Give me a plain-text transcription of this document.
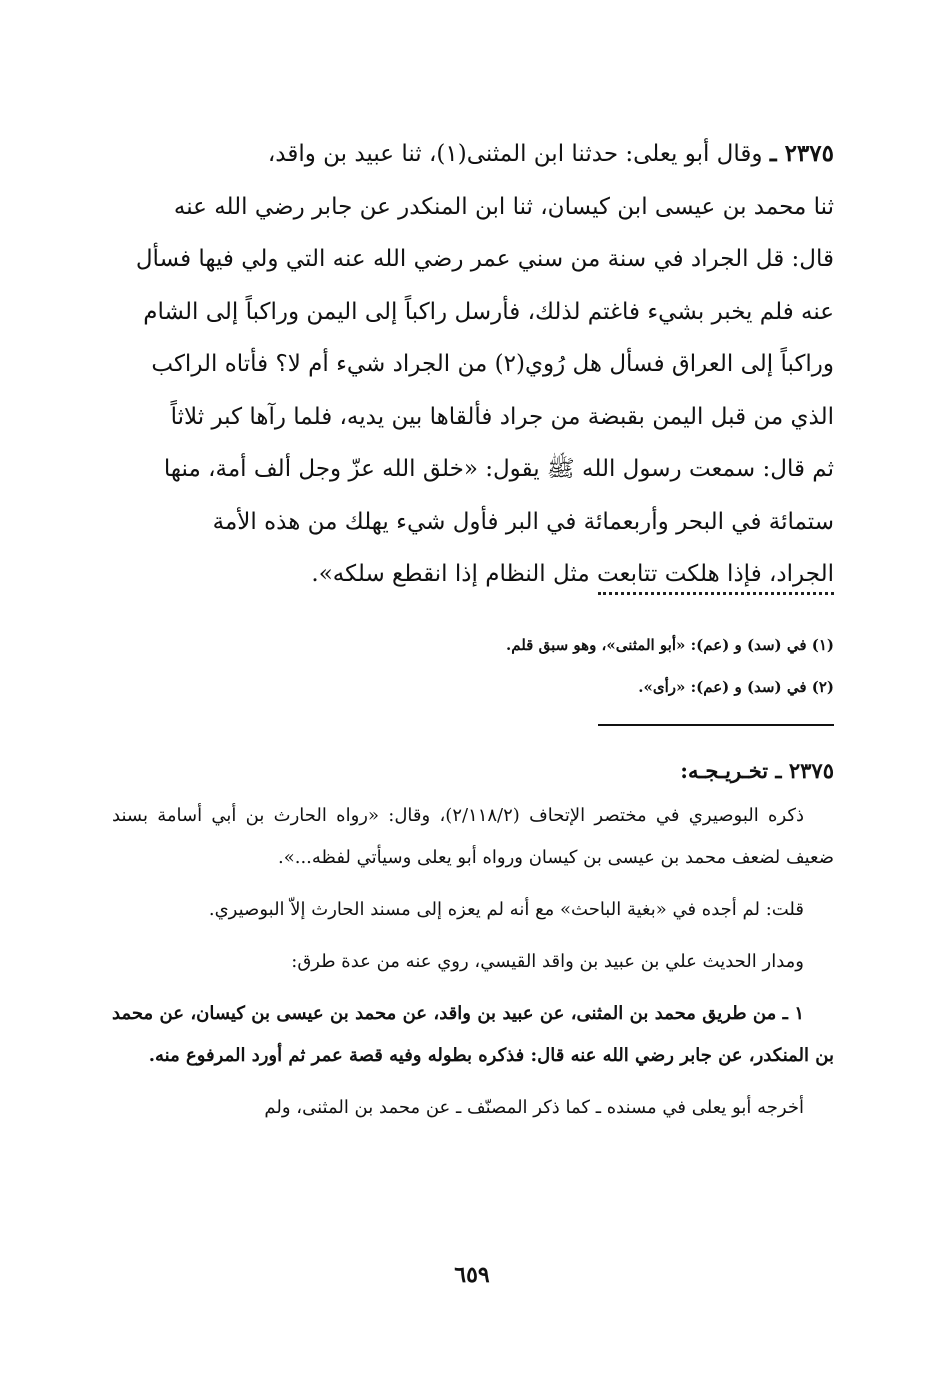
٢٣٧٥ ـ وقال أبو يعلى: حدثنا ابن المثنى(١)، ثنا عبيد بن واقد،

ثنا محمد بن عيسى ابن كيسان، ثنا ابن المنكدر عن جابر رضي الله عنه

قال: قل الجراد في سنة من سني عمر رضي الله عنه التي ولي فيها فسأل

عنه فلم يخبر بشيء فاغتم لذلك، فأرسل راكباً إلى اليمن وراكباً إلى الشام

وراكباً إلى العراق فسأل هل رُوي(٢) من الجراد شيء أم لا؟ فأتاه الراكب

الذي من قبل اليمن بقبضة من جراد فألقاها بين يديه، فلما رآها كبر ثلاثاً

ثم قال: سمعت رسول الله ﷺ يقول: «خلق الله عزّ وجل ألف أمة، منها

ستمائة في البحر وأربعمائة في البر فأول شيء يهلك من هذه الأمة

الجراد، فإذا هلكت تتابعت مثل النظام إذا انقطع سلكه».

(١) في (سد) و (عم): «أبو المثنى»، وهو سبق قلم.
(٢) في (سد) و (عم): «رأى».
٢٣٧٥ ـ تخـريـجـه:

ذكره البوصيري في مختصر الإتحاف (٢/١١٨/٢)، وقال: «رواه الحارث بن أبي أسامة بسند ضعيف لضعف محمد بن عيسى بن كيسان ورواه أبو يعلى وسيأتي لفظه...».

قلت: لم أجده في «بغية الباحث» مع أنه لم يعزه إلى مسند الحارث إلاّ البوصيري.

ومدار الحديث علي بن عبيد بن واقد القيسي، روي عنه من عدة طرق:

١ ـ من طريق محمد بن المثنى، عن عبيد بن واقد، عن محمد بن عيسى بن كيسان، عن محمد بن المنكدر، عن جابر رضي الله عنه قال: فذكره بطوله وفيه قصة عمر ثم أورد المرفوع منه.

أخرجه أبو يعلى في مسنده ـ كما ذكر المصنّف ـ عن محمد بن المثنى، ولم

٦٥٩
